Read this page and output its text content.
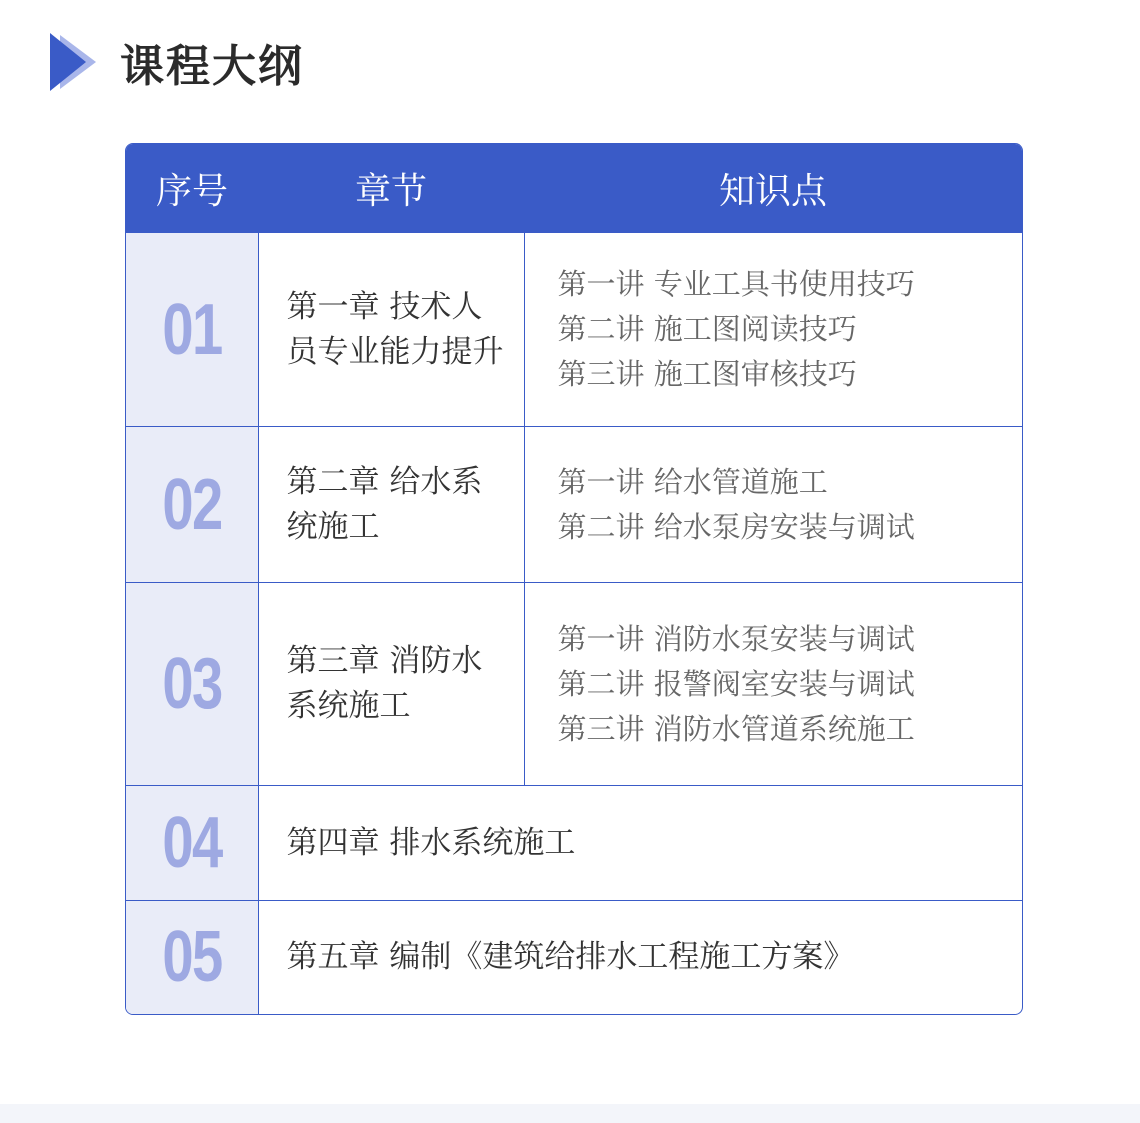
课程大纲
序号	章节	知识点
01	第一章 技术人员专业能力提升	第一讲 专业工具书使用技巧
第二讲 施工图阅读技巧
第三讲 施工图审核技巧

02	第二章 给水系统施工	第一讲 给水管道施工
第二讲 给水泵房安装与调试

03	第三章 消防水系统施工	第一讲 消防水泵安装与调试
第二讲 报警阀室安装与调试
第三讲 消防水管道系统施工

04	第四章 排水系统施工	
05	第五章 编制《建筑给排水工程施工方案》	
